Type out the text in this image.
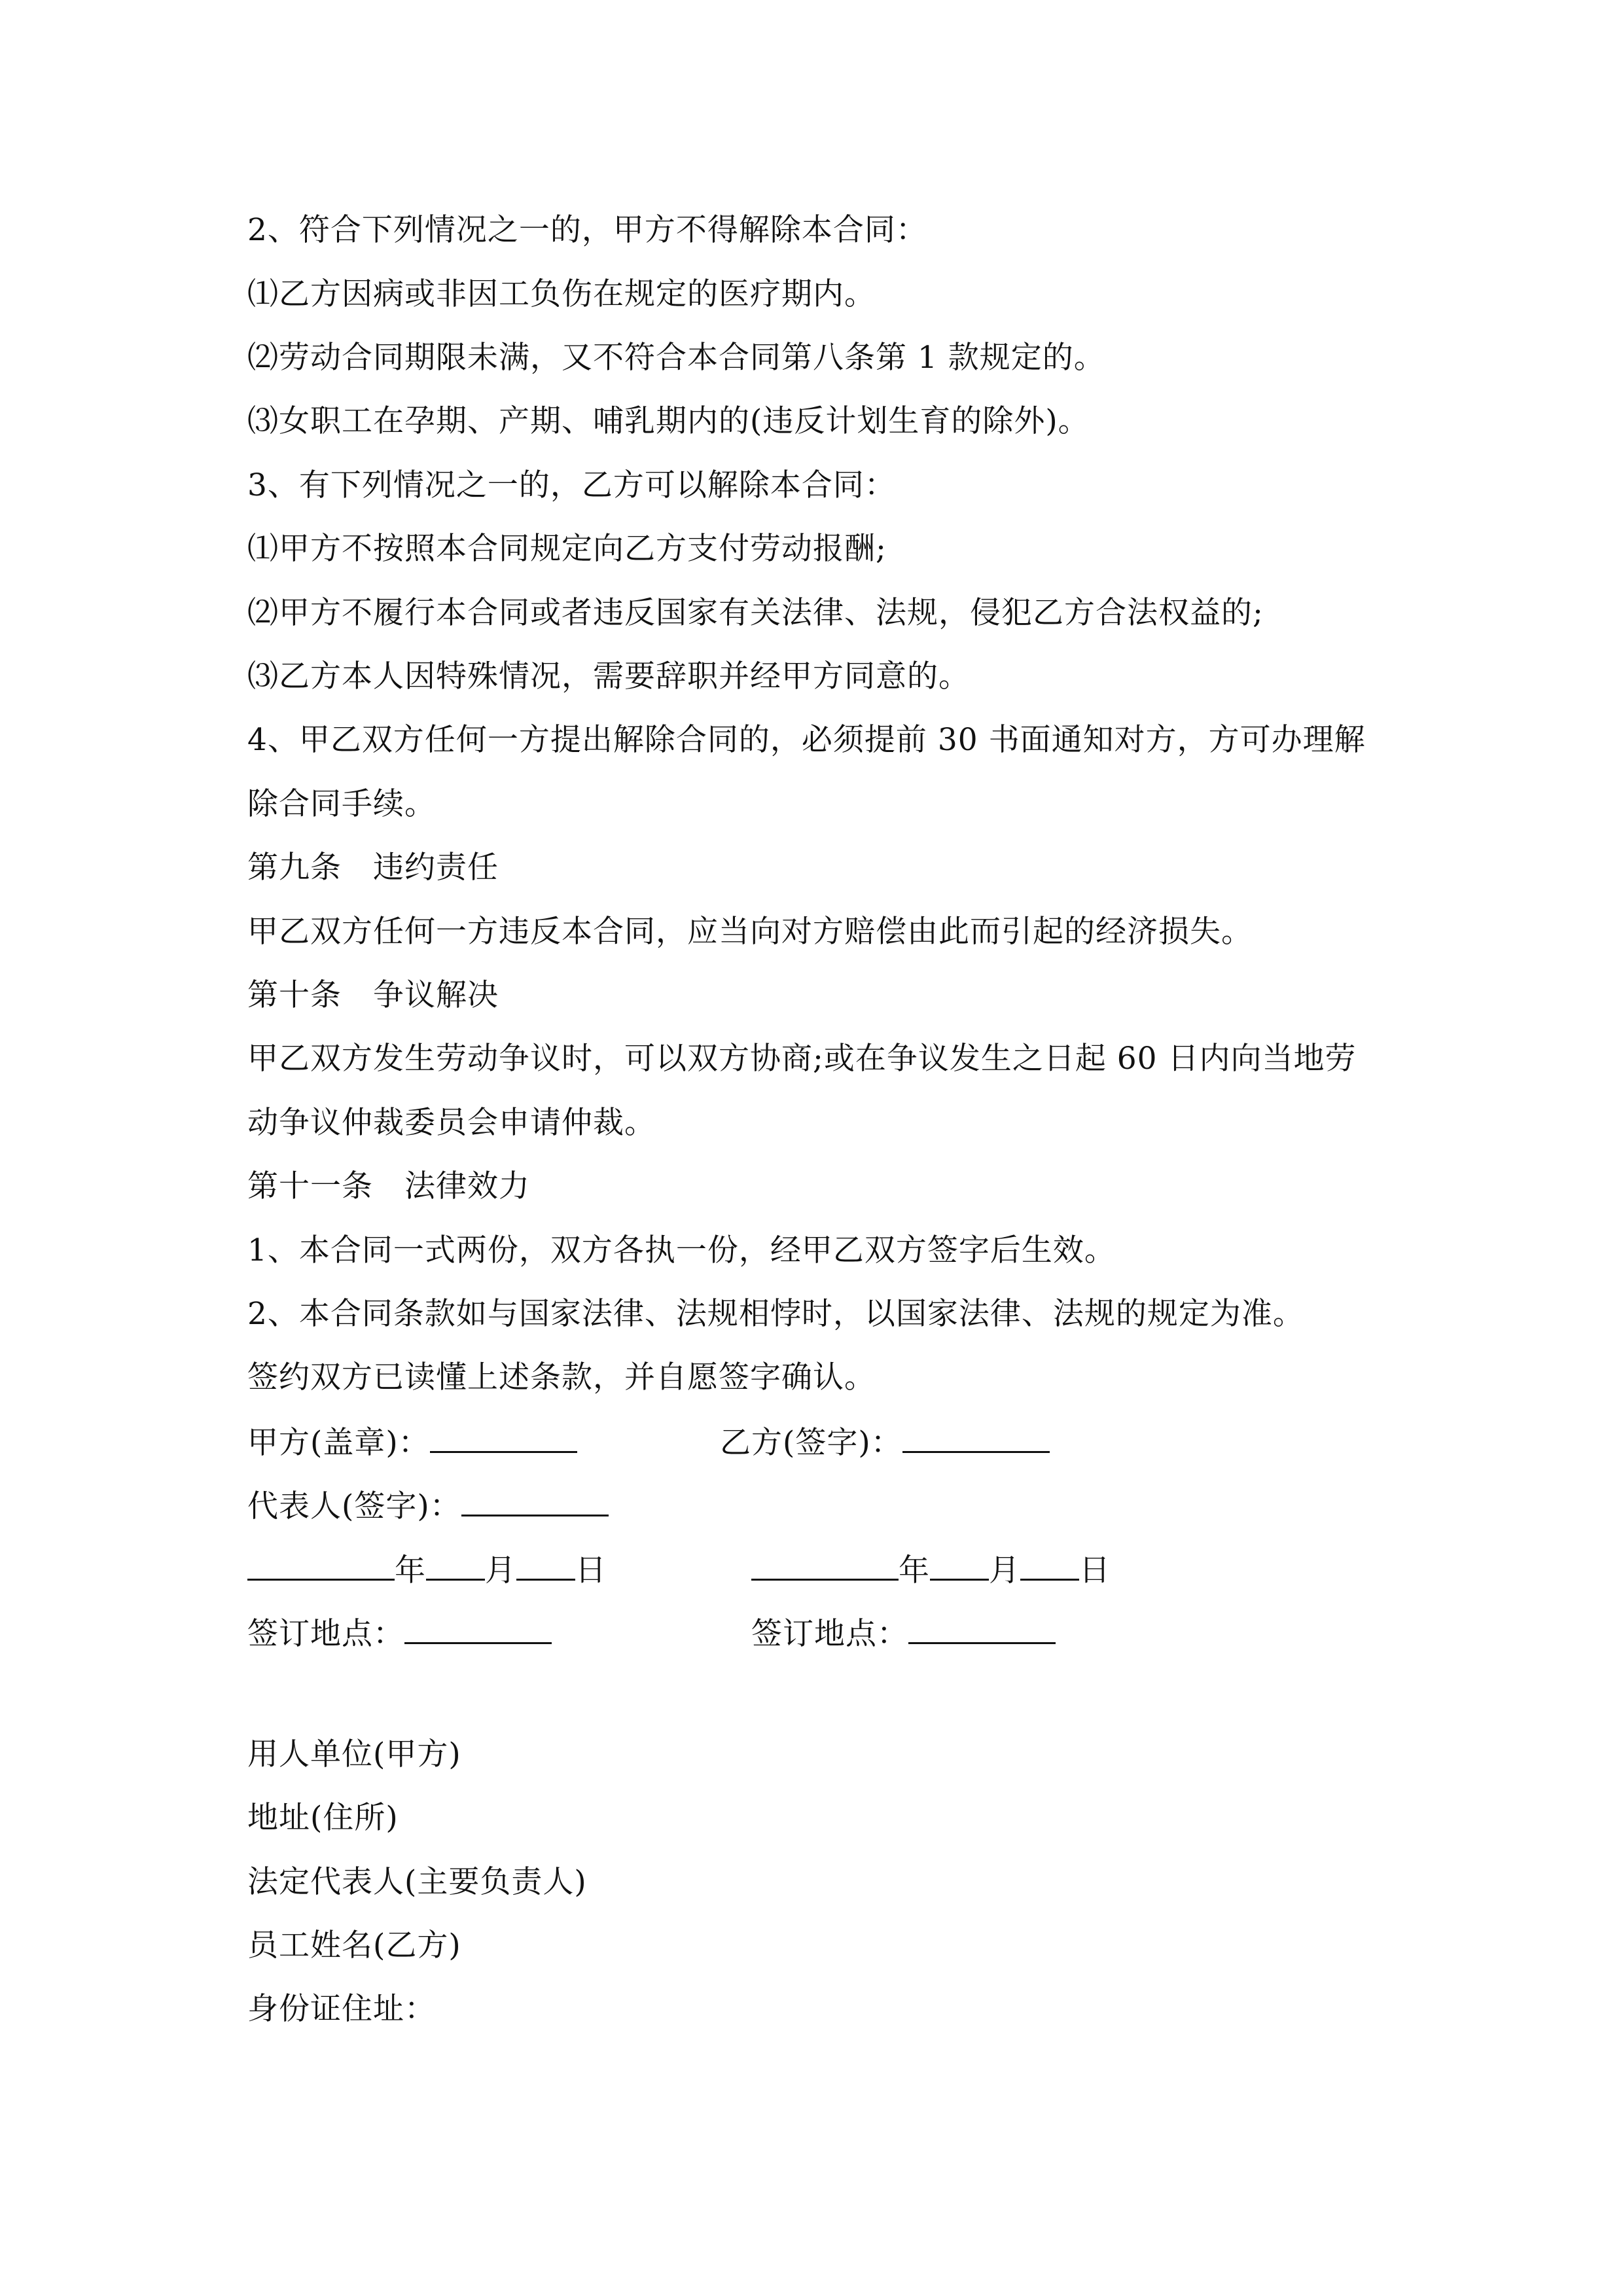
2、符合下列情况之一的，甲方不得解除本合同：
⑴乙方因病或非因工负伤在规定的医疗期内。
⑵劳动合同期限未满，又不符合本合同第八条第 1 款规定的。
⑶女职工在孕期、产期、哺乳期内的(违反计划生育的除外)。
3、有下列情况之一的，乙方可以解除本合同：
⑴甲方不按照本合同规定向乙方支付劳动报酬;
⑵甲方不履行本合同或者违反国家有关法律、法规，侵犯乙方合法权益的;
⑶乙方本人因特殊情况，需要辞职并经甲方同意的。
4、甲乙双方任何一方提出解除合同的，必须提前 30 书面通知对方，方可办理解
除合同手续。
第九条　违约责任
甲乙双方任何一方违反本合同，应当向对方赔偿由此而引起的经济损失。
第十条　争议解决
甲乙双方发生劳动争议时，可以双方协商;或在争议发生之日起 60 日内向当地劳
动争议仲裁委员会申请仲裁。
第十一条　法律效力
1、本合同一式两份，双方各执一份，经甲乙双方签字后生效。
2、本合同条款如与国家法律、法规相悖时，以国家法律、法规的规定为准。
签约双方已读懂上述条款，并自愿签字确认。
甲方(盖章)：	乙方(签字)：
代表人(签字)：
年 月 日	年 月 日
签订地点：	签订地点：
用人单位(甲方)
地址(住所)
法定代表人(主要负责人)
员工姓名(乙方)
身份证住址：
